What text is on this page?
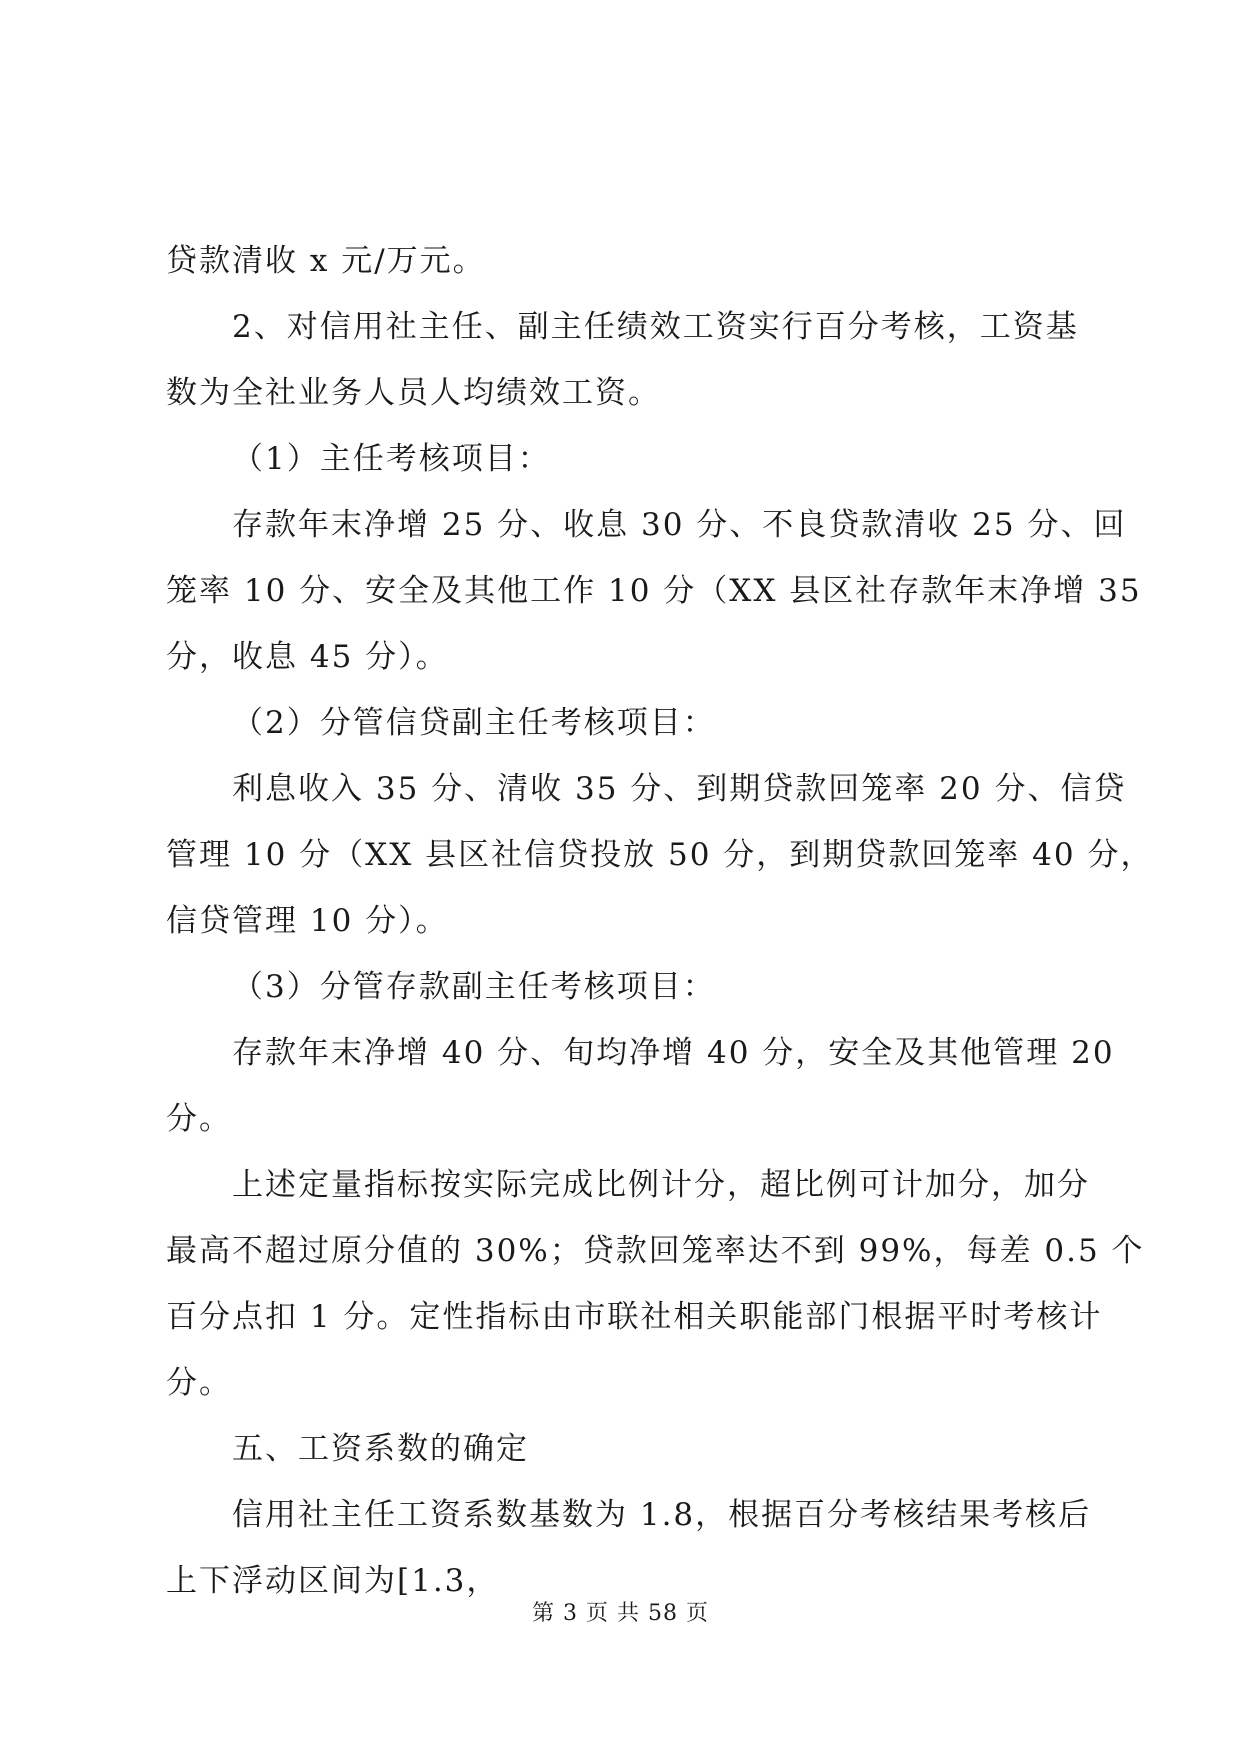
贷款清收 x 元/万元。

2、对信用社主任、副主任绩效工资实行百分考核，工资基
数为全社业务人员人均绩效工资。

（1）主任考核项目：

存款年末净增 25 分、收息 30 分、不良贷款清收 25 分、回
笼率 10 分、安全及其他工作 10 分（XX 县区社存款年末净增 35
分，收息 45 分）。

（2）分管信贷副主任考核项目：

利息收入 35 分、清收 35 分、到期贷款回笼率 20 分、信贷
管理 10 分（XX 县区社信贷投放 50 分，到期贷款回笼率 40 分，
信贷管理 10 分）。

（3）分管存款副主任考核项目：

存款年末净增 40 分、旬均净增 40 分，安全及其他管理 20
分。

上述定量指标按实际完成比例计分，超比例可计加分，加分
最高不超过原分值的 30%；贷款回笼率达不到 99%，每差 0.5 个
百分点扣 1 分。定性指标由市联社相关职能部门根据平时考核计
分。

五、工资系数的确定

信用社主任工资系数基数为 1.8，根据百分考核结果考核后
上下浮动区间为[1.3，

第 3 页 共 58 页
